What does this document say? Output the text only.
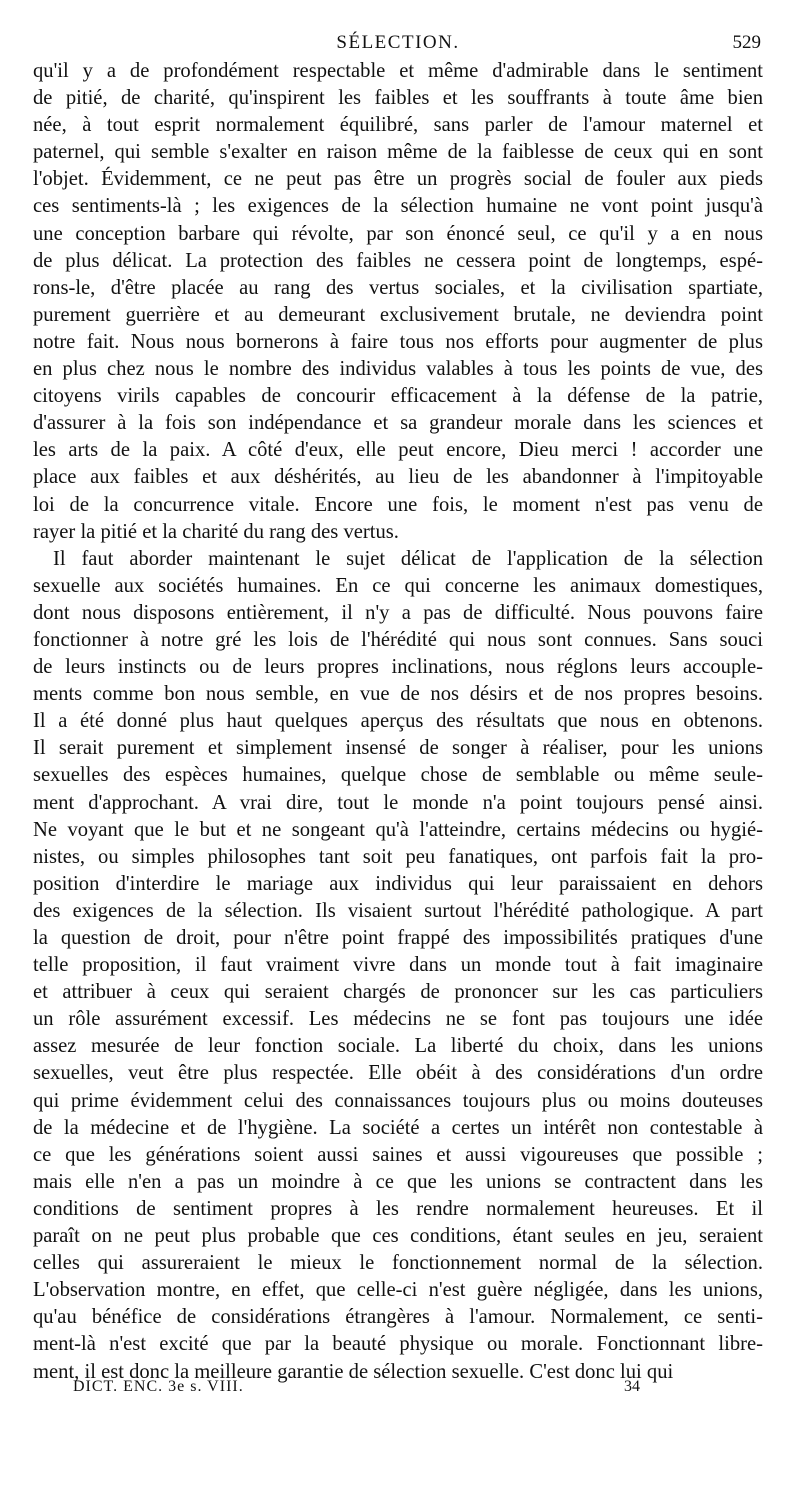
SÉLECTION.	529
qu'il y a de profondément respectable et même d'admirable dans le sentiment
de pitié, de charité, qu'inspirent les faibles et les souffrants à toute âme bien
née, à tout esprit normalement équilibré, sans parler de l'amour maternel et
paternel, qui semble s'exalter en raison même de la faiblesse de ceux qui en sont
l'objet. Évidemment, ce ne peut pas être un progrès social de fouler aux pieds
ces sentiments-là ; les exigences de la sélection humaine ne vont point jusqu'à
une conception barbare qui révolte, par son énoncé seul, ce qu'il y a en nous
de plus délicat. La protection des faibles ne cessera point de longtemps, espé-
rons-le, d'être placée au rang des vertus sociales, et la civilisation spartiate,
purement guerrière et au demeurant exclusivement brutale, ne deviendra point
notre fait. Nous nous bornerons à faire tous nos efforts pour augmenter de plus
en plus chez nous le nombre des individus valables à tous les points de vue, des
citoyens virils capables de concourir efficacement à la défense de la patrie,
d'assurer à la fois son indépendance et sa grandeur morale dans les sciences et
les arts de la paix. A côté d'eux, elle peut encore, Dieu merci ! accorder une
place aux faibles et aux déshérités, au lieu de les abandonner à l'impitoyable
loi de la concurrence vitale. Encore une fois, le moment n'est pas venu de
rayer la pitié et la charité du rang des vertus.
Il faut aborder maintenant le sujet délicat de l'application de la sélection
sexuelle aux sociétés humaines. En ce qui concerne les animaux domestiques,
dont nous disposons entièrement, il n'y a pas de difficulté. Nous pouvons faire
fonctionner à notre gré les lois de l'hérédité qui nous sont connues. Sans souci
de leurs instincts ou de leurs propres inclinations, nous réglons leurs accouple-
ments comme bon nous semble, en vue de nos désirs et de nos propres besoins.
Il a été donné plus haut quelques aperçus des résultats que nous en obtenons.
Il serait purement et simplement insensé de songer à réaliser, pour les unions
sexuelles des espèces humaines, quelque chose de semblable ou même seule-
ment d'approchant. A vrai dire, tout le monde n'a point toujours pensé ainsi.
Ne voyant que le but et ne songeant qu'à l'atteindre, certains médecins ou hygié-
nistes, ou simples philosophes tant soit peu fanatiques, ont parfois fait la pro-
position d'interdire le mariage aux individus qui leur paraissaient en dehors
des exigences de la sélection. Ils visaient surtout l'hérédité pathologique. A part
la question de droit, pour n'être point frappé des impossibilités pratiques d'une
telle proposition, il faut vraiment vivre dans un monde tout à fait imaginaire
et attribuer à ceux qui seraient chargés de prononcer sur les cas particuliers
un rôle assurément excessif. Les médecins ne se font pas toujours une idée
assez mesurée de leur fonction sociale. La liberté du choix, dans les unions
sexuelles, veut être plus respectée. Elle obéit à des considérations d'un ordre
qui prime évidemment celui des connaissances toujours plus ou moins douteuses
de la médecine et de l'hygiène. La société a certes un intérêt non contestable à
ce que les générations soient aussi saines et aussi vigoureuses que possible ;
mais elle n'en a pas un moindre à ce que les unions se contractent dans les
conditions de sentiment propres à les rendre normalement heureuses. Et il
paraît on ne peut plus probable que ces conditions, étant seules en jeu, seraient
celles qui assureraient le mieux le fonctionnement normal de la sélection.
L'observation montre, en effet, que celle-ci n'est guère négligée, dans les unions,
qu'au bénéfice de considérations étrangères à l'amour. Normalement, ce senti-
ment-là n'est excité que par la beauté physique ou morale. Fonctionnant libre-
ment, il est donc la meilleure garantie de sélection sexuelle. C'est donc lui qui
DICT. ENC. 3e s. VIII.	34
